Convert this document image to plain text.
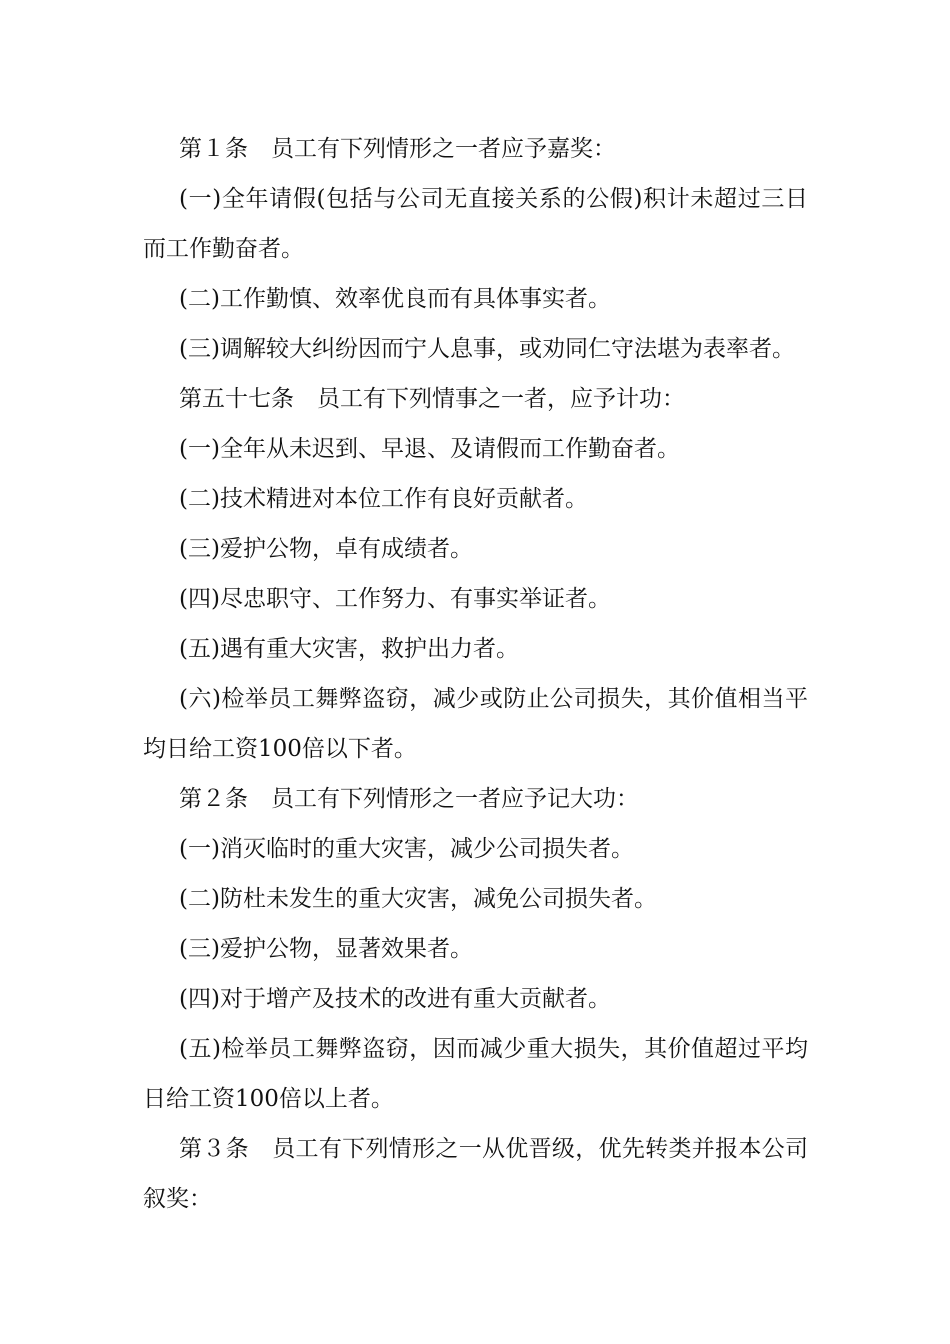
第１条　员工有下列情形之一者应予嘉奖：

(一)全年请假(包括与公司无直接关系的公假)积计未超过三日而工作勤奋者。

(二)工作勤慎、效率优良而有具体事实者。

(三)调解较大纠纷因而宁人息事，或劝同仁守法堪为表率者。

第五十七条　员工有下列情事之一者，应予计功：

(一)全年从未迟到、早退、及请假而工作勤奋者。

(二)技术精进对本位工作有良好贡献者。

(三)爱护公物，卓有成绩者。

(四)尽忠职守、工作努力、有事实举证者。

(五)遇有重大灾害，救护出力者。

(六)检举员工舞弊盗窃，减少或防止公司损失，其价值相当平均日给工资100倍以下者。

第２条　员工有下列情形之一者应予记大功：

(一)消灭临时的重大灾害，减少公司损失者。

(二)防杜未发生的重大灾害，减免公司损失者。

(三)爱护公物，显著效果者。

(四)对于增产及技术的改进有重大贡献者。

(五)检举员工舞弊盗窃，因而减少重大损失，其价值超过平均日给工资100倍以上者。

第３条　员工有下列情形之一从优晋级，优先转类并报本公司叙奖：
